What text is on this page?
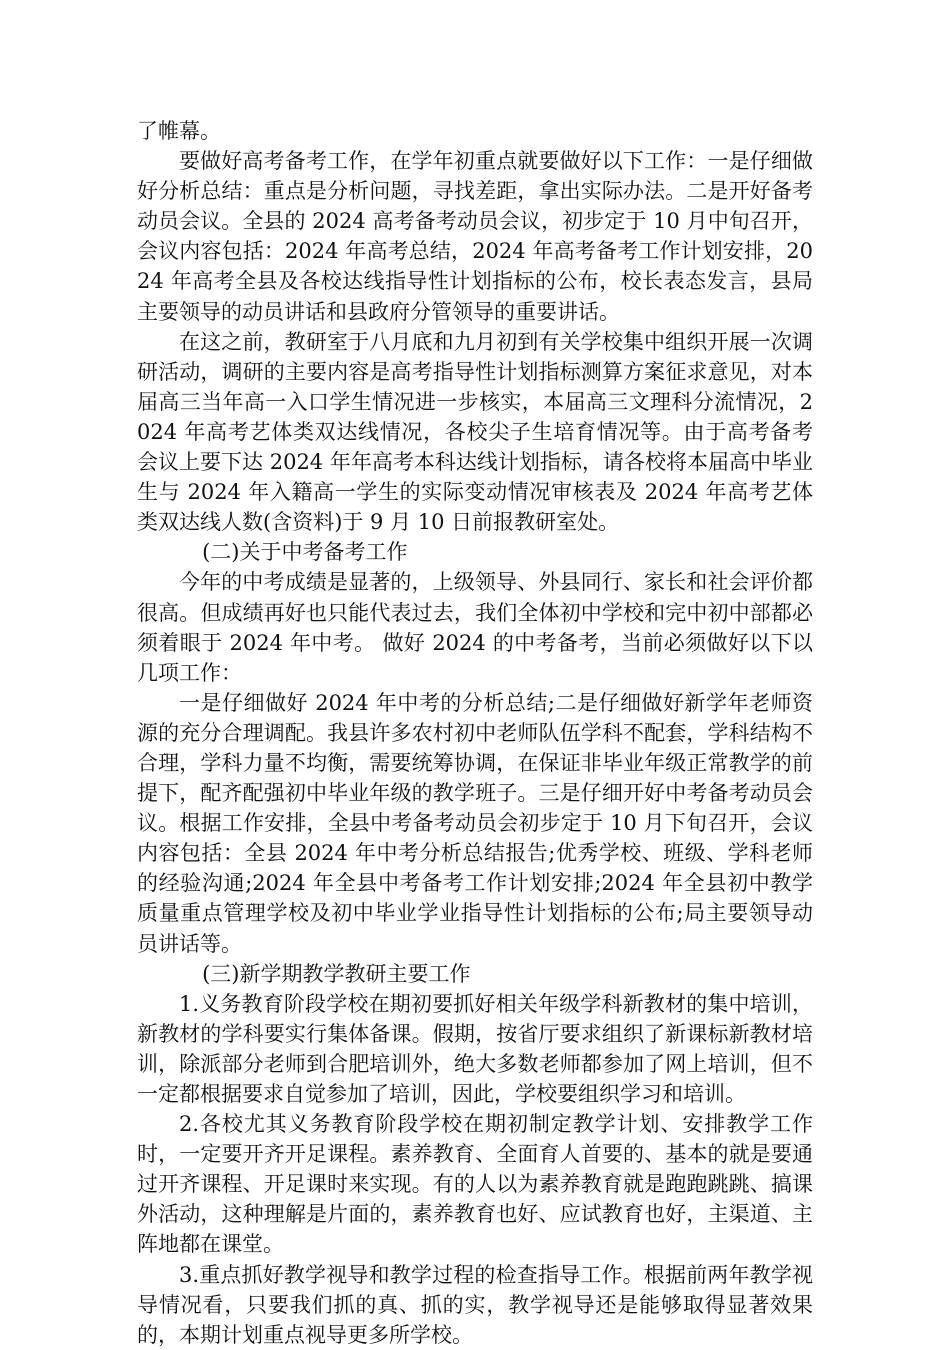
了帷幕。

要做好高考备考工作，在学年初重点就要做好以下工作：一是仔细做好分析总结：重点是分析问题，寻找差距，拿出实际办法。二是开好备考动员会议。全县的 2024 高考备考动员会议，初步定于 10 月中旬召开，会议内容包括：2024 年高考总结，2024 年高考备考工作计划安排，2024 年高考全县及各校达线指导性计划指标的公布，校长表态发言，县局主要领导的动员讲话和县政府分管领导的重要讲话。

在这之前，教研室于八月底和九月初到有关学校集中组织开展一次调研活动，调研的主要内容是高考指导性计划指标测算方案征求意见，对本届高三当年高一入口学生情况进一步核实，本届高三文理科分流情况，2024 年高考艺体类双达线情况，各校尖子生培育情况等。由于高考备考会议上要下达 2024 年年高考本科达线计划指标，请各校将本届高中毕业生与 2024 年入籍高一学生的实际变动情况审核表及 2024 年高考艺体类双达线人数(含资料)于 9 月 10 日前报教研室处。

(二)关于中考备考工作

今年的中考成绩是显著的，上级领导、外县同行、家长和社会评价都很高。但成绩再好也只能代表过去，我们全体初中学校和完中初中部都必须着眼于 2024 年中考。 做好 2024 的中考备考，当前必须做好以下以几项工作：

一是仔细做好 2024 年中考的分析总结;二是仔细做好新学年老师资源的充分合理调配。我县许多农村初中老师队伍学科不配套，学科结构不合理，学科力量不均衡，需要统筹协调，在保证非毕业年级正常教学的前提下，配齐配强初中毕业年级的教学班子。三是仔细开好中考备考动员会议。根据工作安排，全县中考备考动员会初步定于 10 月下旬召开，会议内容包括：全县 2024 年中考分析总结报告;优秀学校、班级、学科老师的经验沟通;2024 年全县中考备考工作计划安排;2024 年全县初中教学质量重点管理学校及初中毕业学业指导性计划指标的公布;局主要领导动员讲话等。

(三)新学期教学教研主要工作

1.义务教育阶段学校在期初要抓好相关年级学科新教材的集中培训，新教材的学科要实行集体备课。假期，按省厅要求组织了新课标新教材培训，除派部分老师到合肥培训外，绝大多数老师都参加了网上培训，但不一定都根据要求自觉参加了培训，因此，学校要组织学习和培训。

2.各校尤其义务教育阶段学校在期初制定教学计划、安排教学工作时，一定要开齐开足课程。素养教育、全面育人首要的、基本的就是要通过开齐课程、开足课时来实现。有的人以为素养教育就是跑跑跳跳、搞课外活动，这种理解是片面的，素养教育也好、应试教育也好，主渠道、主阵地都在课堂。

3.重点抓好教学视导和教学过程的检查指导工作。根据前两年教学视导情况看，只要我们抓的真、抓的实，教学视导还是能够取得显著效果的，本期计划重点视导更多所学校。
